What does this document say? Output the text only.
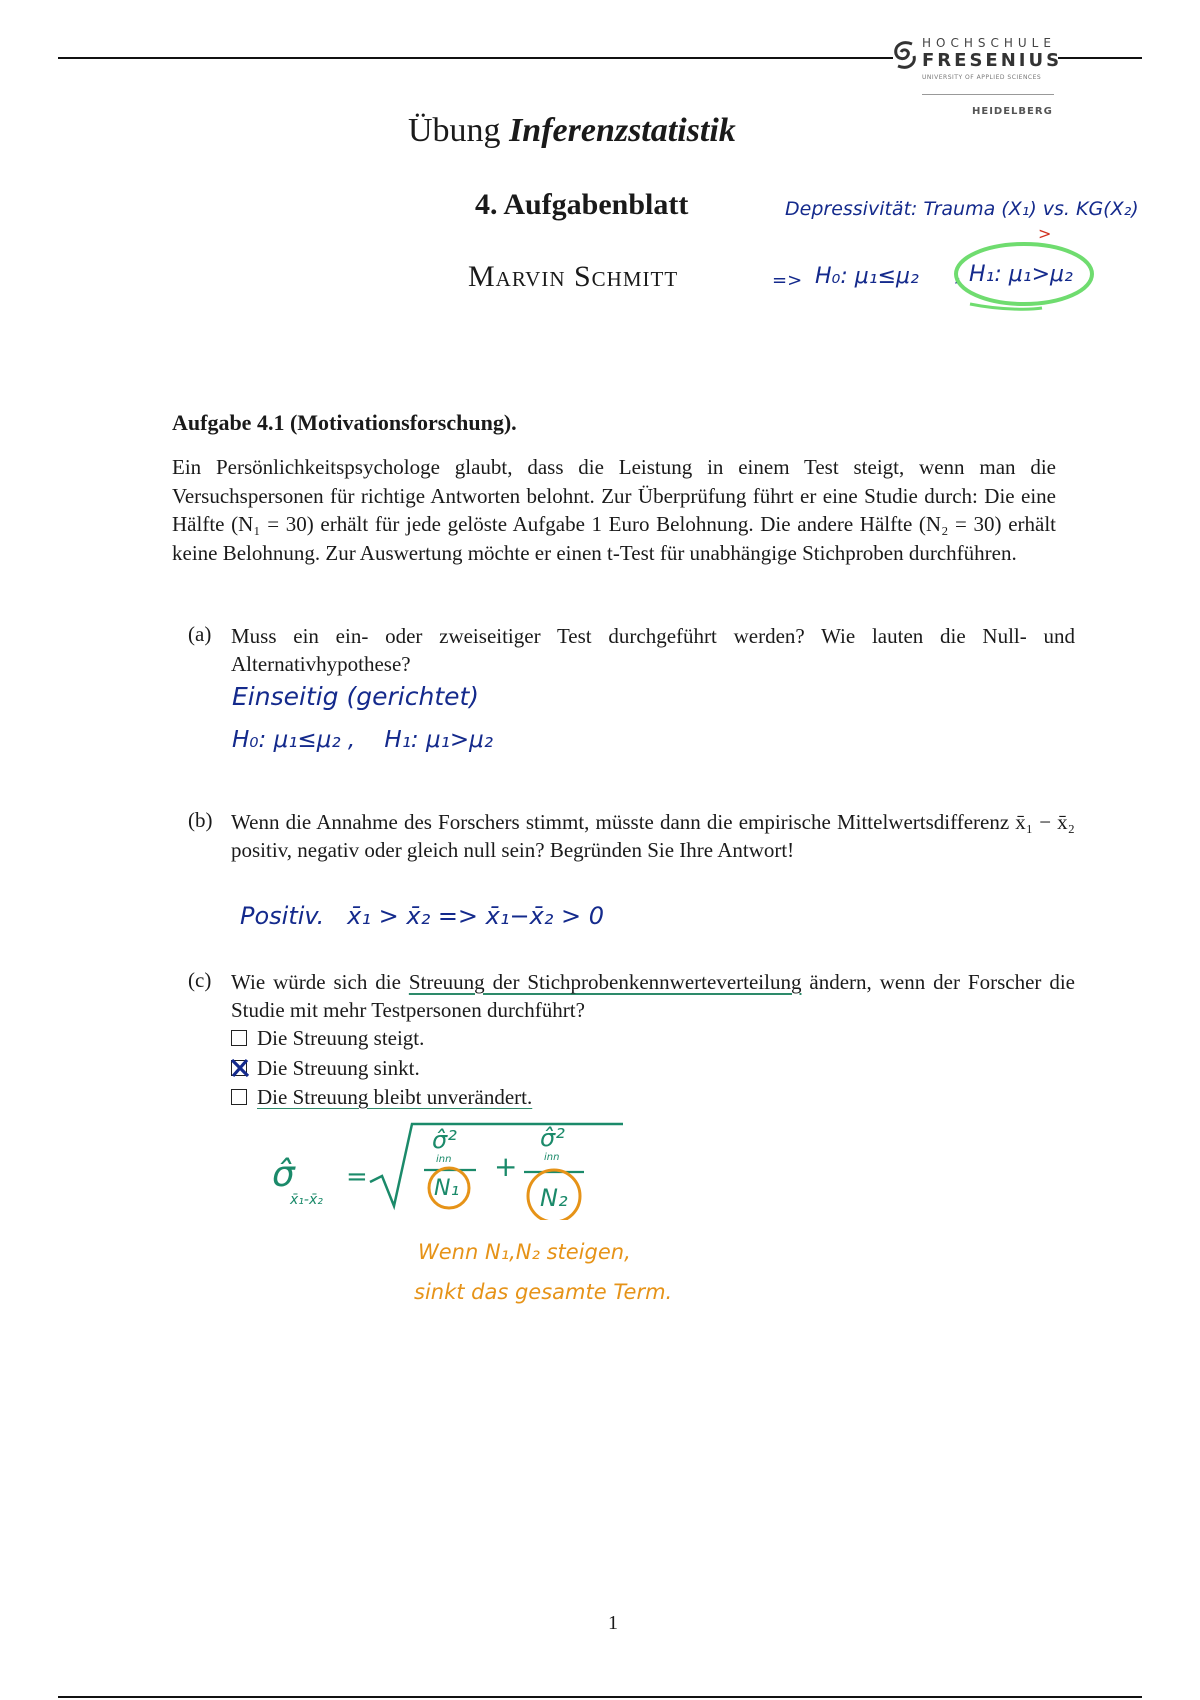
HOCHSCHULE
FRESENIUS
UNIVERSITY OF APPLIED SCIENCES
HEIDELBERG
Übung Inferenzstatistik
4. Aufgabenblatt
Marvin Schmitt
Depressivität: Trauma (X₁) vs. KG(X₂)
>
=> H₀: μ₁≤μ₂ , H₁: μ₁>μ₂
Aufgabe 4.1 (Motivationsforschung).
Ein Persönlichkeitspsychologe glaubt, dass die Leistung in einem Test steigt, wenn man die Versuchspersonen für richtige Antworten belohnt. Zur Überprüfung führt er eine Studie durch: Die eine Hälfte (N₁ = 30) erhält für jede gelöste Aufgabe 1 Euro Belohnung. Die andere Hälfte (N₂ = 30) erhält keine Belohnung. Zur Auswertung möchte er einen t-Test für unabhängige Stichproben durchführen.
(a) Muss ein ein- oder zweiseitiger Test durchgeführt werden? Wie lauten die Null- und Alternativhypothese?
Einseitig (gerichtet)
H₀: μ₁≤μ₂ ,    H₁: μ₁>μ₂
(b) Wenn die Annahme des Forschers stimmt, müsste dann die empirische Mittelwertsdifferenz x̄₁ − x̄₂ positiv, negativ oder gleich null sein? Begründen Sie Ihre Antwort!
Positiv.   x̄₁ > x̄₂ => x̄₁−x̄₂ > 0
(c) Wie würde sich die Streuung der Stichprobenkennwerteverteilung ändern, wenn der Forscher die Studie mit mehr Testpersonen durchführt?
Die Streuung steigt.
Die Streuung sinkt.
Die Streuung bleibt unverändert.
σ̂
x̄₁-x̄₂
=
σ̂²
inn
N₁
+
σ̂²
inn
N₂
Wenn N₁,N₂ steigen,
sinkt das gesamte Term.
1
